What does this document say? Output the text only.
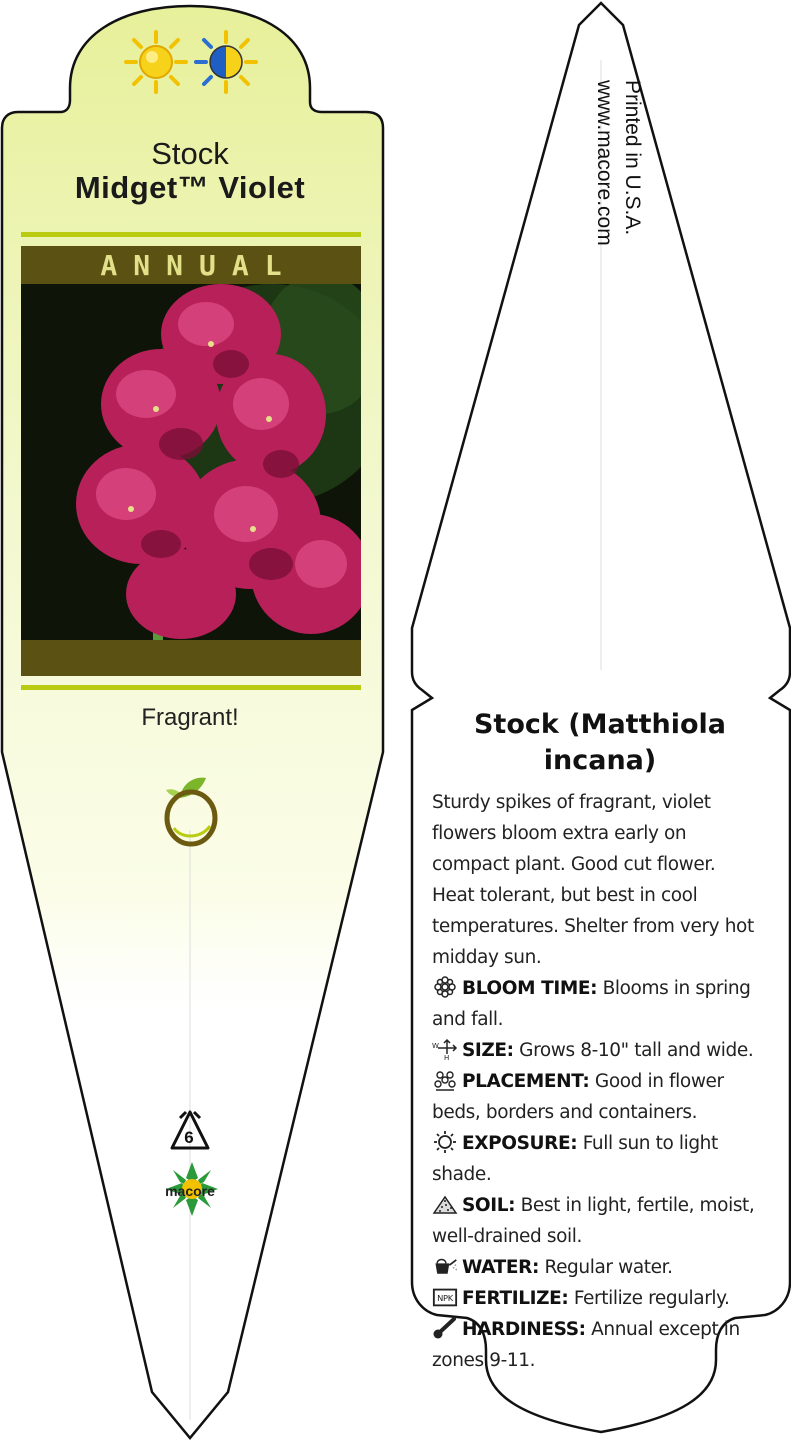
Stock
Midget™ Violet
ANNUAL
Fragrant!
6
macore
Printed in U.S.A.
www.macore.com
Stock (Matthiola incana)

Sturdy spikes of fragrant, violet flowers bloom extra early on compact plant. Good cut flower. Heat tolerant, but best in cool temperatures. Shelter from very hot midday sun.

BLOOM TIME: Blooms in spring and fall.

W
H SIZE: Grows 8-10" tall and wide.

PLACEMENT: Good in flower beds, borders and containers.

EXPOSURE: Full sun to light shade.

SOIL: Best in light, fertile, moist, well-drained soil.

WATER: Regular water.

NPK FERTILIZE: Fertilize regularly.

HARDINESS: Annual except in zones 9-11.
